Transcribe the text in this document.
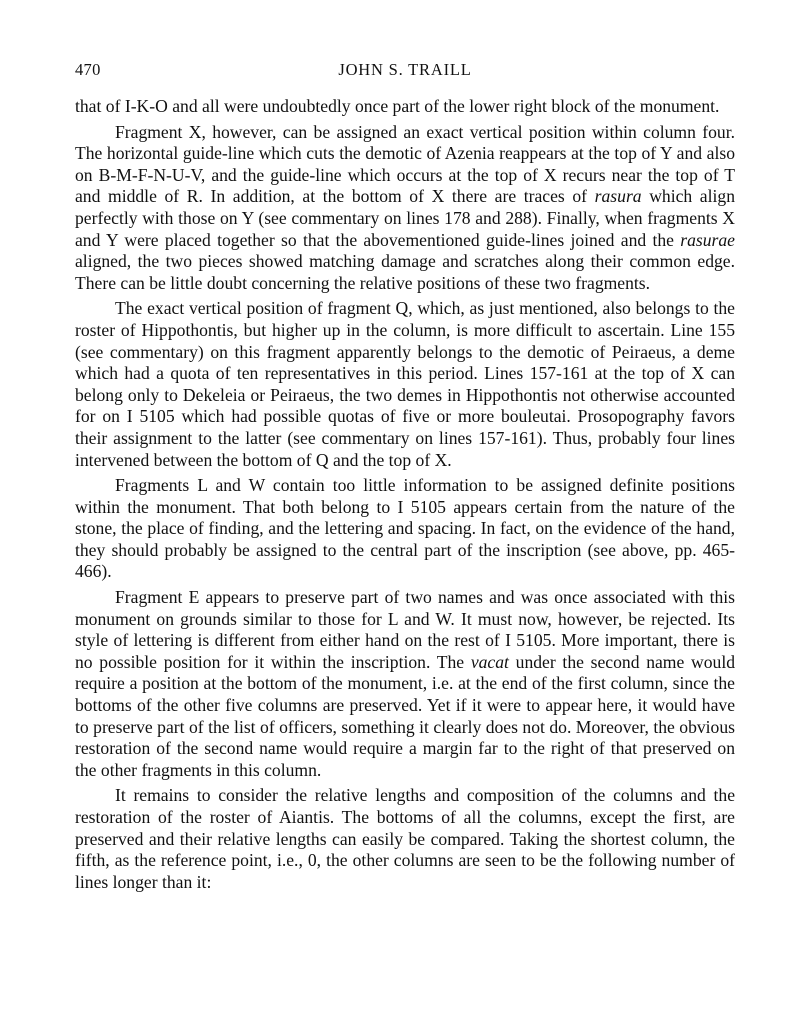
470	JOHN S. TRAILL

that of I-K-O and all were undoubtedly once part of the lower right block of the monument.

Fragment X, however, can be assigned an exact vertical position within column four. The horizontal guide-line which cuts the demotic of Azenia reappears at the top of Y and also on B-M-F-N-U-V, and the guide-line which occurs at the top of X recurs near the top of T and middle of R. In addition, at the bottom of X there are traces of rasura which align perfectly with those on Y (see commentary on lines 178 and 288). Finally, when fragments X and Y were placed together so that the abovementioned guide-lines joined and the rasurae aligned, the two pieces showed matching damage and scratches along their common edge. There can be little doubt concerning the relative positions of these two fragments.

The exact vertical position of fragment Q, which, as just mentioned, also belongs to the roster of Hippothontis, but higher up in the column, is more difficult to ascertain. Line 155 (see commentary) on this fragment apparently belongs to the demotic of Peiraeus, a deme which had a quota of ten representatives in this period. Lines 157-161 at the top of X can belong only to Dekeleia or Peiraeus, the two demes in Hippothontis not otherwise accounted for on I 5105 which had possible quotas of five or more bouleutai. Prosopography favors their assignment to the latter (see commentary on lines 157-161). Thus, probably four lines intervened between the bottom of Q and the top of X.

Fragments L and W contain too little information to be assigned definite positions within the monument. That both belong to I 5105 appears certain from the nature of the stone, the place of finding, and the lettering and spacing. In fact, on the evidence of the hand, they should probably be assigned to the central part of the inscription (see above, pp. 465-466).

Fragment E appears to preserve part of two names and was once associated with this monument on grounds similar to those for L and W. It must now, however, be rejected. Its style of lettering is different from either hand on the rest of I 5105. More important, there is no possible position for it within the inscription. The vacat under the second name would require a position at the bottom of the monument, i.e. at the end of the first column, since the bottoms of the other five columns are preserved. Yet if it were to appear here, it would have to preserve part of the list of officers, something it clearly does not do. Moreover, the obvious restoration of the second name would require a margin far to the right of that preserved on the other fragments in this column.

It remains to consider the relative lengths and composition of the columns and the restoration of the roster of Aiantis. The bottoms of all the columns, except the first, are preserved and their relative lengths can easily be compared. Taking the shortest column, the fifth, as the reference point, i.e., 0, the other columns are seen to be the following number of lines longer than it:
